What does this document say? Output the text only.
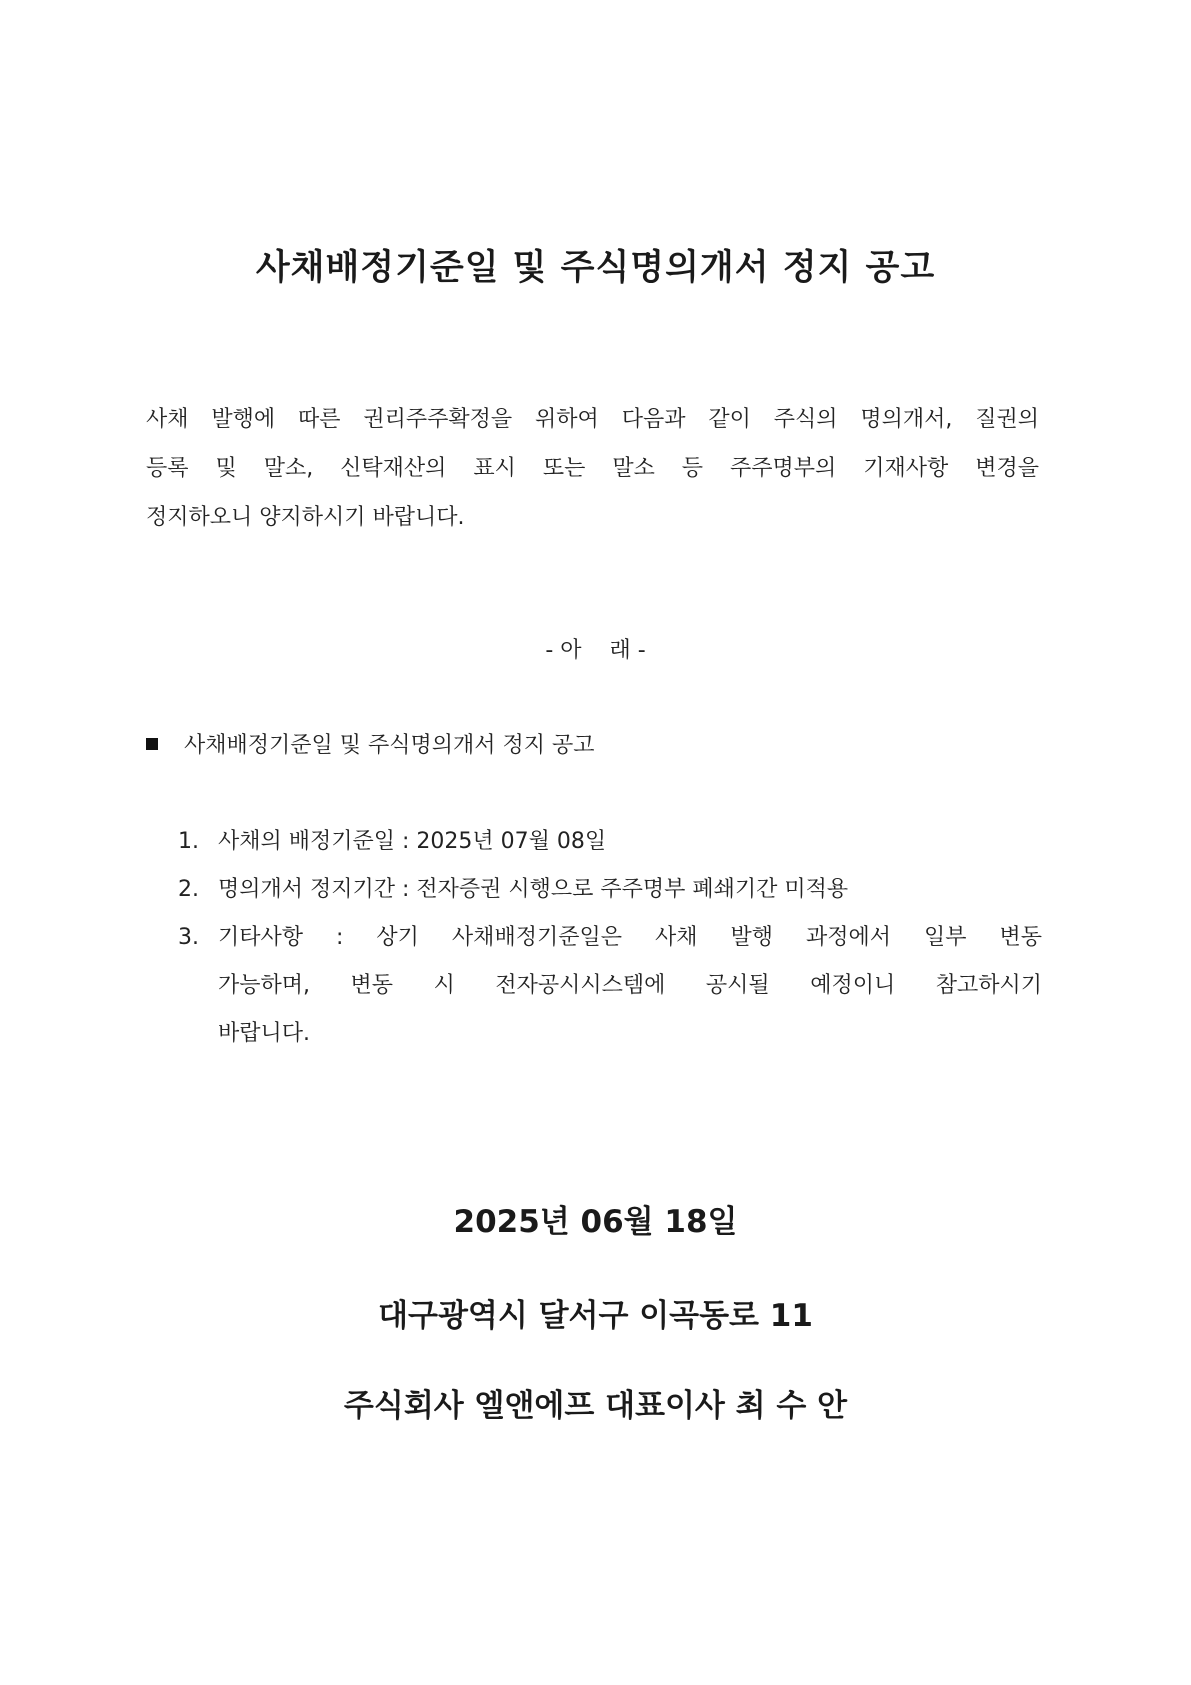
사채배정기준일 및 주식명의개서 정지 공고
사채 발행에 따른 권리주주확정을 위하여 다음과 같이 주식의 명의개서, 질권의
등록 및 말소, 신탁재산의 표시 또는 말소 등 주주명부의 기재사항 변경을
정지하오니 양지하시기 바랍니다.
- 아    래 -
사채배정기준일 및 주식명의개서 정지 공고
1. 사채의 배정기준일 : 2025년 07월 08일
2. 명의개서 정지기간 : 전자증권 시행으로 주주명부 폐쇄기간 미적용
3. 기타사항 : 상기 사채배정기준일은 사채 발행 과정에서 일부 변동
가능하며, 변동 시 전자공시시스템에 공시될 예정이니 참고하시기
바랍니다.
2025년 06월 18일
대구광역시 달서구 이곡동로 11
주식회사 엘앤에프 대표이사 최 수 안
